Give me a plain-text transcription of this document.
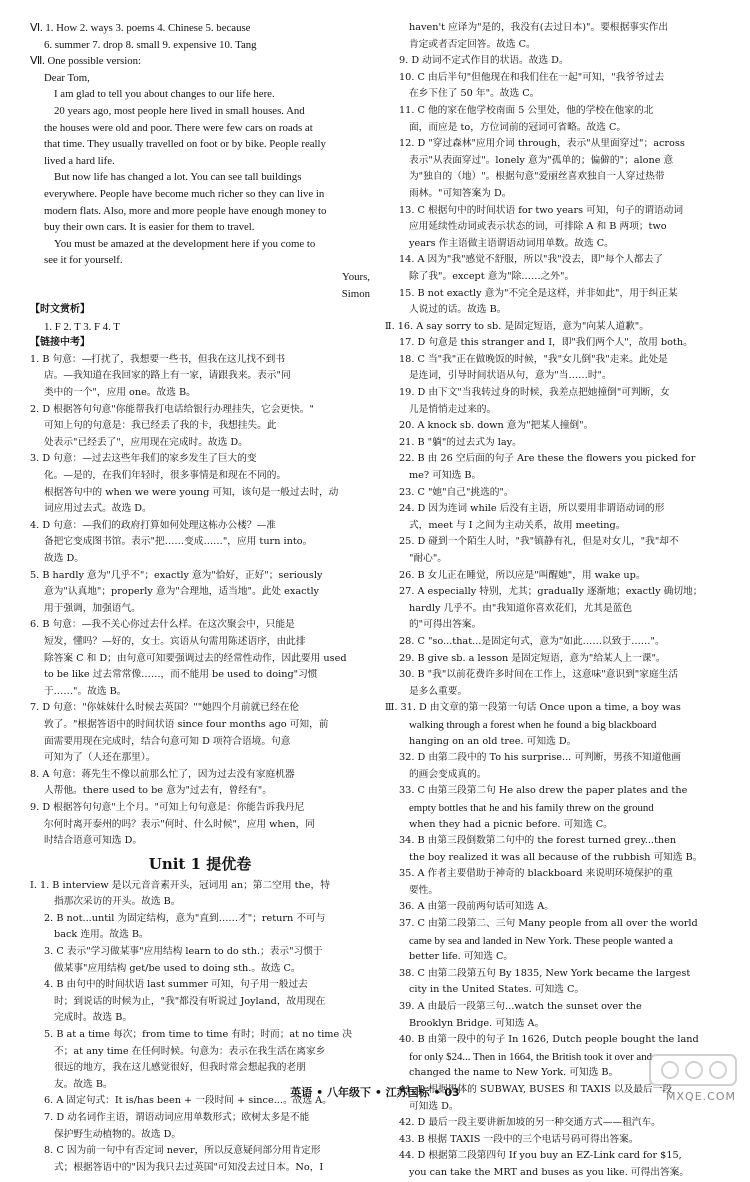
Ⅵ. 1. How 2. ways 3. poems 4. Chinese 5. because
6. summer 7. drop 8. small 9. expensive 10. Tang
Ⅶ. One possible version:
Dear Tom,
I am glad to tell you about changes to our life here.
20 years ago, most people here lived in small houses. And
the houses were old and poor. There were few cars on roads at
that time. They usually travelled on foot or by bike. People really
lived a hard life.
But now life has changed a lot. You can see tall buildings
everywhere. People have become much richer so they can live in
modern flats. Also, more and more people have enough money to
buy their own cars. It is easier for them to travel.
You must be amazed at the development here if you come to
see it for yourself.
Yours,
Simon
【时文赏析】
1. F 2. T 3. F 4. T
【链接中考】
1. B 句意：—打扰了，我想要一些书，但我在这儿找不到书
店。—我知道在我回家的路上有一家，请跟我来。表示"同
类中的一个"，应用 one。故选 B。
2. D 根据答句句意"你能帮我打电话给银行办理挂失，它会更快。"
可知上句的句意是：我已经丢了我的卡，我想挂失。此
处表示"已经丢了"，应用现在完成时。故选 D。
3. D 句意：—过去这些年我们的家乡发生了巨大的变
化。—是的，在我们年轻时，很多事情是和现在不同的。
根据答句中的 when we were young 可知，该句是一般过去时，动
词应用过去式。故选 D。
4. D 句意：—我们的政府打算如何处理这栋办公楼？—准
备把它变成图书馆。表示"把……变成……"，应用 turn into。
故选 D。
5. B hardly 意为"几乎不"；exactly 意为"恰好，正好"；seriously
意为"认真地"；properly 意为"合理地，适当地"。此处 exactly
用于强调，加强语气。
6. B 句意：—我不关心你过去什么样。在这次聚会中，只能是
短发，懂吗？—好的，女士。宾语从句需用陈述语序，由此排
除答案 C 和 D；由句意可知要强调过去的经常性动作，因此要用 used
to be like 过去常常像……，而不能用 be used to doing"习惯
于……"。故选 B。
7. D 句意："你妹妹什么时候去英国？""她四个月前就已经在伦
敦了。"根据答语中的时间状语 since four months ago 可知，前
面需要用现在完成时，结合句意可知 D 项符合语境。句意
可知为了（人还在那里）。
8. A 句意：蒋先生不像以前那么忙了，因为过去没有家庭机器
人帮他。there used to be 意为"过去有，曾经有"。
9. D 根据答句句意"上个月。"可知上句句意是：你能告诉我丹尼
尔何时离开泰州的吗？表示"何时、什么时候"，应用 when，同
时结合语意可知选 D。
Unit 1 提优卷
Ⅰ. 1. B interview 是以元音音素开头，冠词用 an；第二空用 the，特
指那次采访的开头。故选 B。
2. B not...until 为固定结构，意为"直到……才"；return 不可与
back 连用。故选 B。
3. C 表示"学习做某事"应用结构 learn to do sth.；表示"习惯于
做某事"应用结构 get/be used to doing sth.。故选 C。
4. B 由句中的时间状语 last summer 可知，句子用一般过去
时；到说话的时候为止，"我"都没有听说过 Joyland，故用现在
完成时。故选 B。
5. B at a time 每次；from time to time 有时；时而；at no time 决
不；at any time 在任何时候。句意为：表示在我生活在离家乡
很远的地方，我在这儿感觉很好，但我时常会想起我的老朋
友。故选 B。
6. A 固定句式：It is/has been + 一段时间 + since...。故选 A。
7. D 动名词作主语，谓语动词应用单数形式；欧树太多是不能
保护野生动植物的。故选 D。
8. C 因为前一句中有否定词 never，所以反意疑问部分用肯定形
式；根据答语中的"因为我只去过英国"可知没去过日本。No，I
haven't 应译为"是的，我没有(去过日本)"。要根据事实作出
肯定或者否定回答。故选 C。
9. D 动词不定式作目的状语。故选 D。
10. C 由后半句"但他现在和我们住在一起"可知，"我爷爷过去
在乡下住了 50 年"。故选 C。
11. C 他的家在他学校南面 5 公里处，他的学校在他家的北
面，而应是 to，方位词前的冠词可省略。故选 C。
12. D "穿过森林"应用介词 through，表示"从里面穿过"；across
表示"从表面穿过"。lonely 意为"孤单的；偏僻的"；alone 意
为"独自的（地）"。根据句意"爱丽丝喜欢独自一人穿过热带
雨林。"可知答案为 D。
13. C 根据句中的时间状语 for two years 可知，句子的谓语动词
应用延续性动词或表示状态的词，可排除 A 和 B 两项；two
years 作主语做主语谓语动词用单数。故选 C。
14. A 因为"我"感觉不舒服，所以"我"没去，即"每个人都去了
除了我"。except 意为"除……之外"。
15. B not exactly 意为"不完全是这样，并非如此"，用于纠正某
人说过的话。故选 B。
Ⅱ. 16. A say sorry to sb. 是固定短语，意为"向某人道歉"。
17. D 句意是 this stranger and I，即"我们两个人"，故用 both。
18. C 当"我"正在做晚饭的时候，"我"女儿倒"我"走来。此处是
是连词，引导时间状语从句，意为"当……时"。
19. D 由下文"当我转过身的时候，我差点把她撞倒"可判断，女
儿是悄悄走过来的。
20. A knock sb. down 意为"把某人撞倒"。
21. B "躺"的过去式为 lay。
22. B 由 26 空后面的句子 Are these the flowers you picked for
me? 可知选 B。
23. C "她"自己"挑选的"。
24. D 因为连词 while 后没有主语，所以要用非谓语动词的形
式，meet 与 I 之间为主动关系，故用 meeting。
25. D 碰到一个陌生人时，"我"镇静有礼，但是对女儿，"我"却不
"耐心"。
26. B 女儿正在睡觉，所以应是"叫醒她"，用 wake up。
27. A especially 特别，尤其；gradually 逐渐地；exactly 确切地；
hardly 几乎不。由"我知道你喜欢花们，尤其是蓝色
的"可得出答案。
28. C "so...that...是固定句式，意为"如此……以致于……"。
29. B give sb. a lesson 是固定短语，意为"给某人上一课"。
30. B "我"以前花费许多时间在工作上，这意味"意识到"家庭生活
是多么重要。
Ⅲ. 31. D 由文章的第一段第一句话 Once upon a time, a boy was
walking through a forest when he found a big blackboard
hanging on an old tree. 可知选 D。
32. D 由第二段中的 To his surprise... 可判断，男孩不知道他画
的画会变成真的。
33. C 由第三段第二句 He also drew the paper plates and the
empty bottles that he and his family threw on the ground
when they had a picnic before. 可知选 C。
34. B 由第三段倒数第二句中的 the forest turned grey...then
the boy realized it was all because of the rubbish 可知选 B。
35. A 作者主要借助于神奇的 blackboard 来说明环境保护的重
要性。
36. A 由第一段前两句话可知选 A。
37. C 由第二段第二、三句 Many people from all over the world
came by sea and landed in New York. These people wanted a
better life. 可知选 C。
38. C 由第二段第五句 By 1835, New York became the largest
city in the United States. 可知选 C。
39. A 由最后一段第三句...watch the sunset over the
Brooklyn Bridge. 可知选 A。
40. B 由第一段中的句子 In 1626, Dutch people bought the land
for only $24... Then in 1664, the British took it over and
changed the name to New York. 可知选 B。
41. D 根据黑体的 SUBWAY, BUSES 和 TAXIS 以及最后一段
可知选 D。
42. D 最后一段主要讲新加坡的另一种交通方式——租汽车。
43. B 根据 TAXIS 一段中的三个电话号码可得出答案。
44. D 根据第二段第四句 If you buy an EZ-Link card for $15,
you can take the MRT and buses as you like. 可得出答案。
英语 • 八年级下 • 江苏国标 • 03	MXQE.COM
